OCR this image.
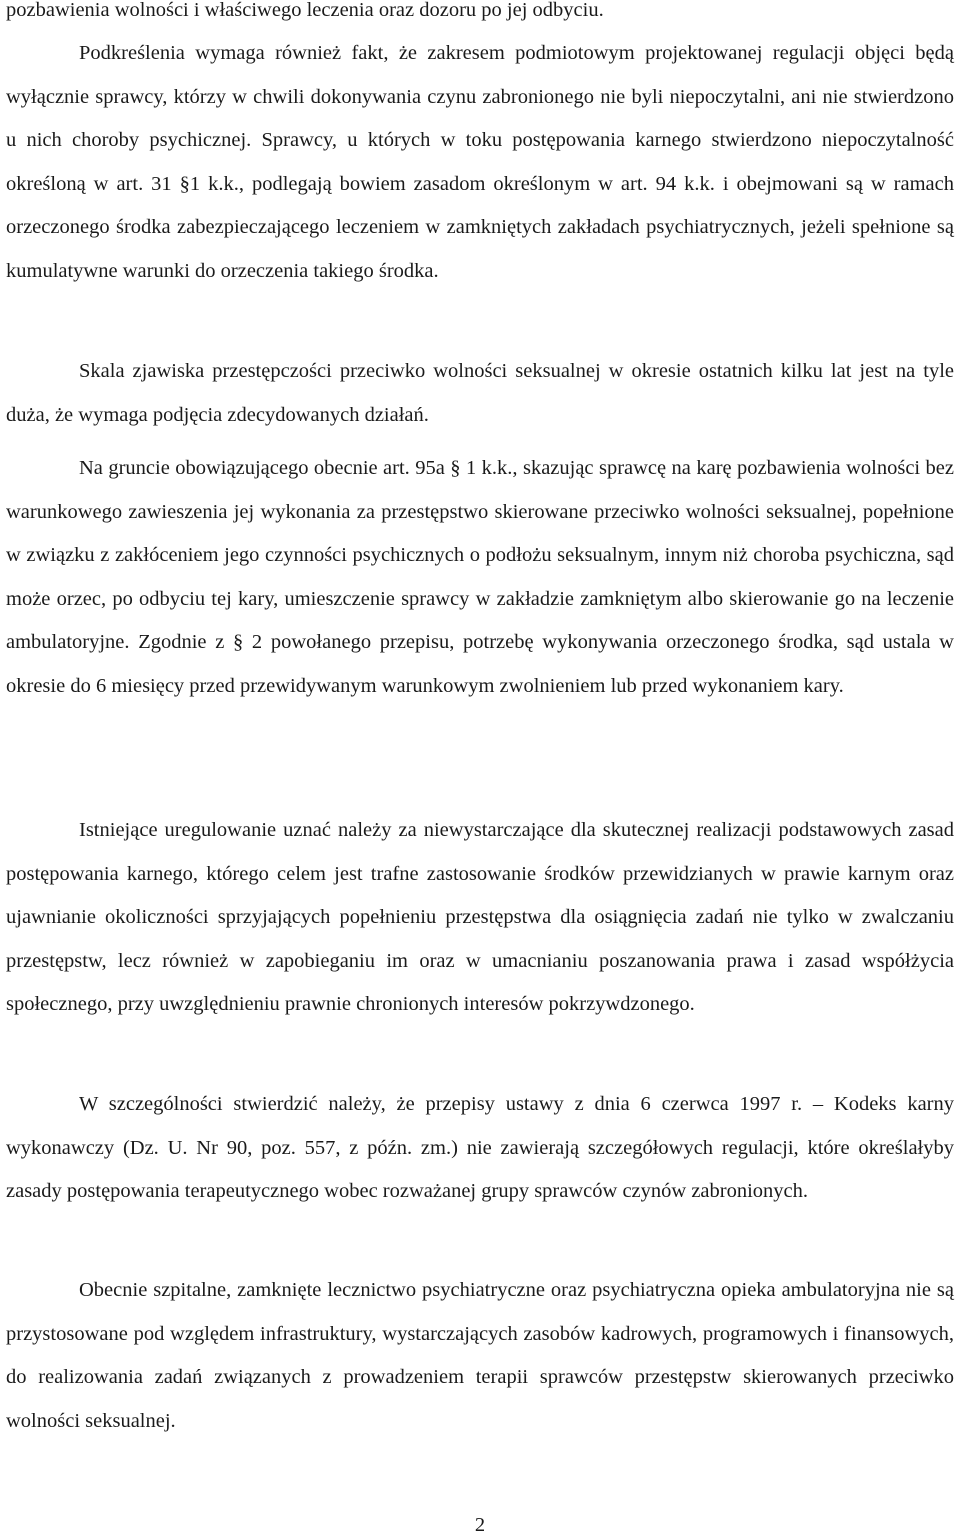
pozbawienia wolności i właściwego leczenia oraz dozoru po jej odbyciu.

Podkreślenia wymaga również fakt, że zakresem podmiotowym projektowanej regulacji objęci będą wyłącznie sprawcy, którzy w chwili dokonywania czynu zabronionego nie byli niepoczytalni, ani nie stwierdzono u nich choroby psychicznej. Sprawcy, u których w toku postępowania karnego stwierdzono niepoczytalność określoną w art. 31 §1 k.k., podlegają bowiem zasadom określonym w art. 94 k.k. i obejmowani są w ramach orzeczonego środka zabezpieczającego leczeniem w zamkniętych zakładach psychiatrycznych, jeżeli spełnione są kumulatywne warunki do orzeczenia takiego środka.

Skala zjawiska przestępczości przeciwko wolności seksualnej w okresie ostatnich kilku lat jest na tyle duża, że wymaga podjęcia zdecydowanych działań.

Na gruncie obowiązującego obecnie art. 95a § 1 k.k., skazując sprawcę na karę pozbawienia wolności bez warunkowego zawieszenia jej wykonania za przestępstwo skierowane przeciwko wolności seksualnej, popełnione w związku z zakłóceniem jego czynności psychicznych o podłożu seksualnym, innym niż choroba psychiczna, sąd może orzec, po odbyciu tej kary, umieszczenie sprawcy w zakładzie zamkniętym albo skierowanie go na leczenie ambulatoryjne. Zgodnie z § 2 powołanego przepisu, potrzebę wykonywania orzeczonego środka, sąd ustala w okresie do 6 miesięcy przed przewidywanym warunkowym zwolnieniem lub przed wykonaniem kary.

Istniejące uregulowanie uznać należy za niewystarczające dla skutecznej realizacji podstawowych zasad postępowania karnego, którego celem jest trafne zastosowanie środków przewidzianych w prawie karnym oraz ujawnianie okoliczności sprzyjających popełnieniu przestępstwa dla osiągnięcia zadań nie tylko w zwalczaniu przestępstw, lecz również w zapobieganiu im oraz w umacnianiu poszanowania prawa i zasad współżycia społecznego, przy uwzględnieniu prawnie chronionych interesów pokrzywdzonego.

W szczególności stwierdzić należy, że przepisy ustawy z dnia 6 czerwca 1997 r. – Kodeks karny wykonawczy (Dz. U. Nr 90, poz. 557, z późn. zm.) nie zawierają szczegółowych regulacji, które określałyby zasady postępowania terapeutycznego wobec rozważanej grupy sprawców czynów zabronionych.

Obecnie szpitalne, zamknięte lecznictwo psychiatryczne oraz psychiatryczna opieka ambulatoryjna nie są przystosowane pod względem infrastruktury, wystarczających zasobów kadrowych, programowych i finansowych, do realizowania zadań związanych z prowadzeniem terapii sprawców przestępstw skierowanych przeciwko wolności seksualnej.

2
